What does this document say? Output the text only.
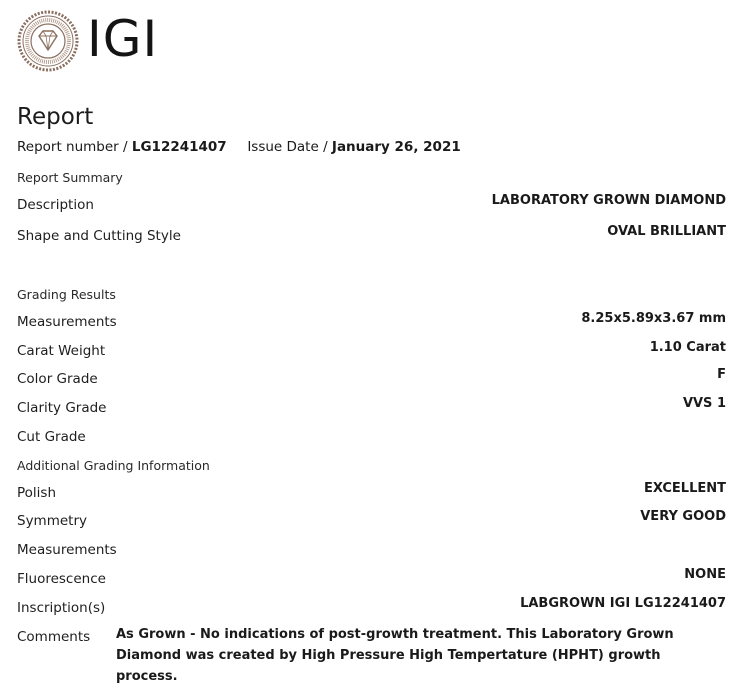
IGI
Report
Report number / LG12241407 Issue Date / January 26, 2021
Report Summary
Description	LABORATORY GROWN DIAMOND
Shape and Cutting Style	OVAL BRILLIANT
Grading Results
Measurements	8.25x5.89x3.67 mm
Carat Weight	1.10 Carat
Color Grade	F
Clarity Grade	VVS 1
Cut Grade
Additional Grading Information
Polish	EXCELLENT
Symmetry	VERY GOOD
Measurements
Fluorescence	NONE
Inscription(s)	LABGROWN IGI LG12241407
Comments As Grown - No indications of post-growth treatment. This Laboratory Grown Diamond was created by High Pressure High Tempertature (HPHT) growth process.
